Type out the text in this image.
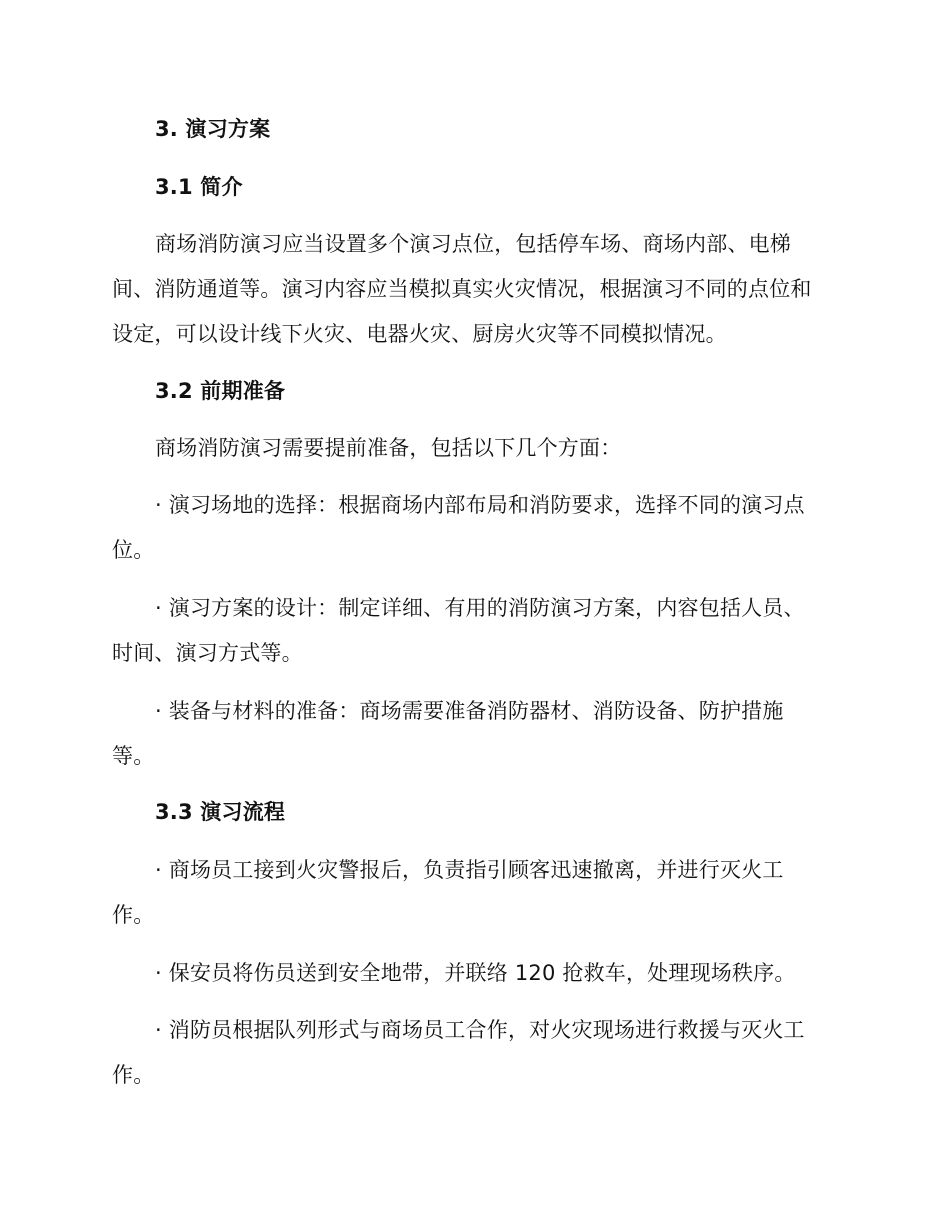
3. 演习方案
3.1 简介

商场消防演习应当设置多个演习点位，包括停车场、商场内部、电梯

间、消防通道等。演习内容应当模拟真实火灾情况，根据演习不同的点位和

设定，可以设计线下火灾、电器火灾、厨房火灾等不同模拟情况。

3.2 前期准备

商场消防演习需要提前准备，包括以下几个方面：

· 演习场地的选择：根据商场内部布局和消防要求，选择不同的演习点

位。

· 演习方案的设计：制定详细、有用的消防演习方案，内容包括人员、

时间、演习方式等。

· 装备与材料的准备：商场需要准备消防器材、消防设备、防护措施

等。

3.3 演习流程

· 商场员工接到火灾警报后，负责指引顾客迅速撤离，并进行灭火工

作。

· 保安员将伤员送到安全地带，并联络 120 抢救车，处理现场秩序。

· 消防员根据队列形式与商场员工合作，对火灾现场进行救援与灭火工

作。
